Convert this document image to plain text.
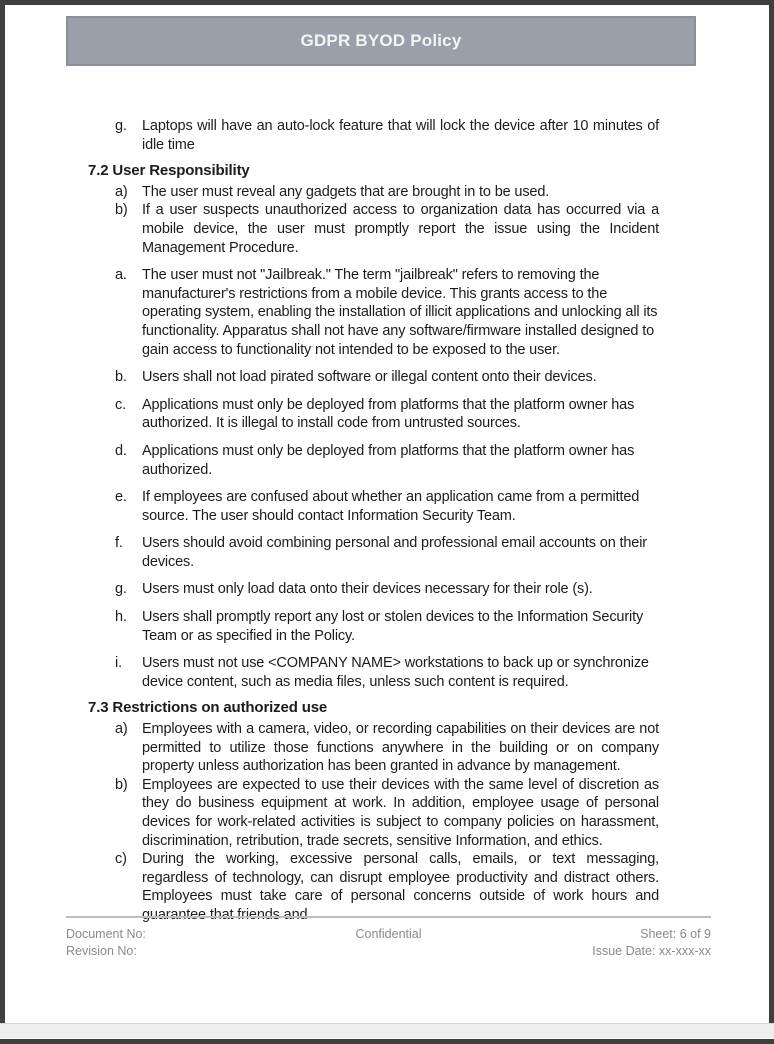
GDPR BYOD Policy
g. Laptops will have an auto-lock feature that will lock the device after 10 minutes of idle time
7.2 User Responsibility
a) The user must reveal any gadgets that are brought in to be used.
b) If a user suspects unauthorized access to organization data has occurred via a mobile device, the user must promptly report the issue using the Incident Management Procedure.
a. The user must not "Jailbreak." The term "jailbreak" refers to removing the manufacturer's restrictions from a mobile device. This grants access to the operating system, enabling the installation of illicit applications and unlocking all its functionality. Apparatus shall not have any software/firmware installed designed to gain access to functionality not intended to be exposed to the user.
b. Users shall not load pirated software or illegal content onto their devices.
c. Applications must only be deployed from platforms that the platform owner has authorized. It is illegal to install code from untrusted sources.
d. Applications must only be deployed from platforms that the platform owner has authorized.
e. If employees are confused about whether an application came from a permitted source. The user should contact Information Security Team.
f. Users should avoid combining personal and professional email accounts on their devices.
g. Users must only load data onto their devices necessary for their role (s).
h. Users shall promptly report any lost or stolen devices to the Information Security Team or as specified in the Policy.
i. Users must not use <COMPANY NAME> workstations to back up or synchronize device content, such as media files, unless such content is required.
7.3 Restrictions on authorized use
a) Employees with a camera, video, or recording capabilities on their devices are not permitted to utilize those functions anywhere in the building or on company property unless authorization has been granted in advance by management.
b) Employees are expected to use their devices with the same level of discretion as they do business equipment at work. In addition, employee usage of personal devices for work-related activities is subject to company policies on harassment, discrimination, retribution, trade secrets, sensitive Information, and ethics.
c) During the working, excessive personal calls, emails, or text messaging, regardless of technology, can disrupt employee productivity and distract others. Employees must take care of personal concerns outside of work hours and guarantee that friends and
Document No:
Revision No:
Confidential	Sheet: 6 of 9
Issue Date: xx-xxx-xx
